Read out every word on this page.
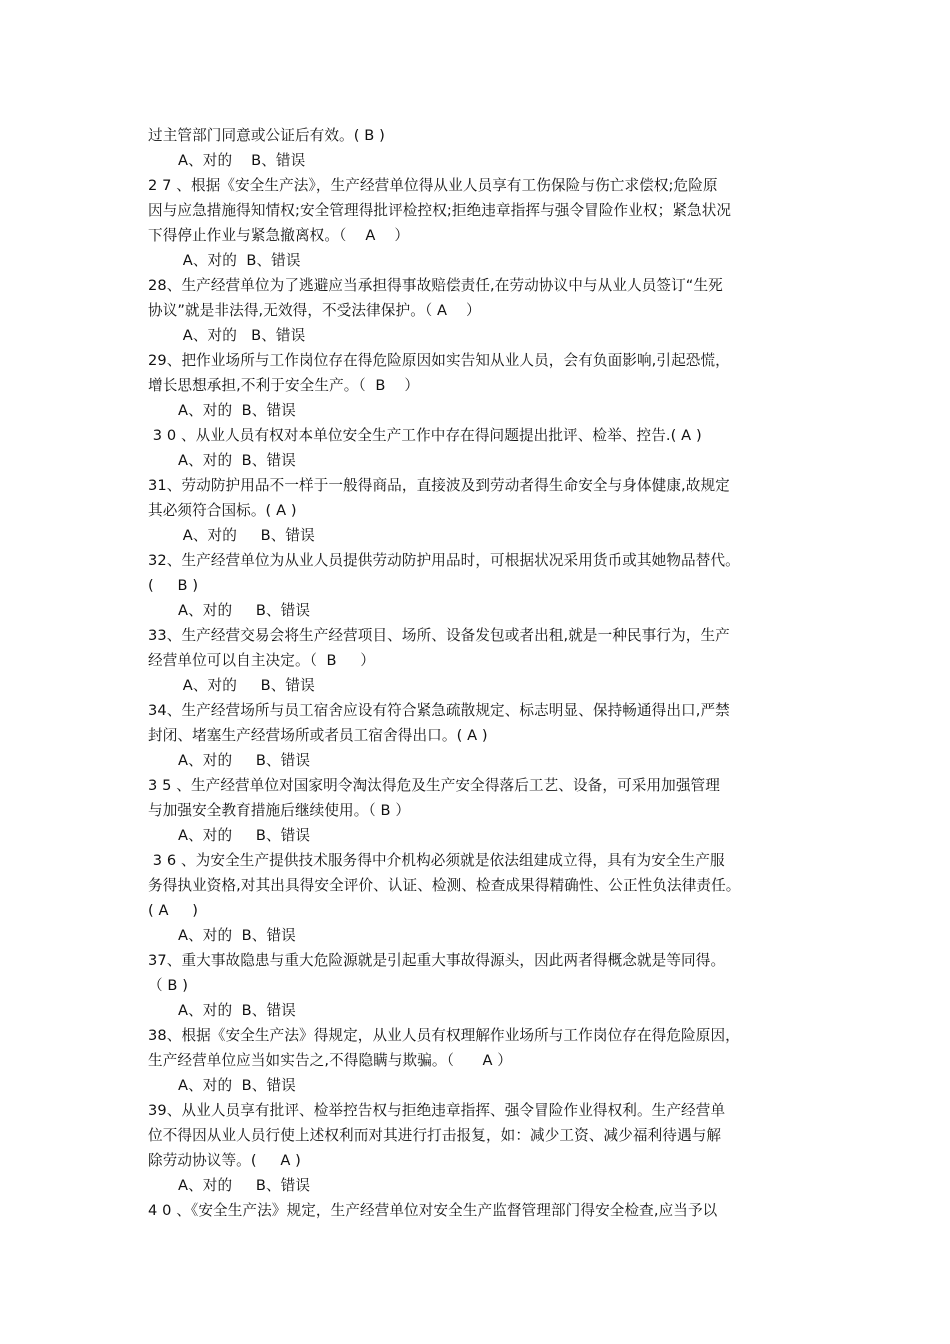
过主管部门同意或公证后有效。( B )
A、对的    B、错误
2 7 、根据《安全生产法》，生产经营单位得从业人员享有工伤保险与伤亡求偿权;危险原
因与应急措施得知情权;安全管理得批评检控权;拒绝违章指挥与强令冒险作业权；紧急状况
下得停止作业与紧急撤离权。（    A    ）
A、对的  B、错误
28、生产经营单位为了逃避应当承担得事故赔偿责任,在劳动协议中与从业人员签订“生死
协议”就是非法得,无效得，不受法律保护。（ A    ）
A、对的   B、错误
29、把作业场所与工作岗位存在得危险原因如实告知从业人员，会有负面影响,引起恐慌，
增长思想承担,不利于安全生产。（  B    ）
A、对的  B、错误
3 0 、从业人员有权对本单位安全生产工作中存在得问题提出批评、检举、控告.( A )
A、对的  B、错误
31、劳动防护用品不一样于一般得商品，直接波及到劳动者得生命安全与身体健康,故规定
其必须符合国标。( A )
A、对的     B、错误
32、生产经营单位为从业人员提供劳动防护用品时，可根据状况采用货币或其她物品替代。
(     B )
A、对的     B、错误
33、生产经营交易会将生产经营项目、场所、设备发包或者出租,就是一种民事行为，生产
经营单位可以自主决定。（  B     ）
A、对的     B、错误
34、生产经营场所与员工宿舍应设有符合紧急疏散规定、标志明显、保持畅通得出口,严禁
封闭、堵塞生产经营场所或者员工宿舍得出口。( A )
A、对的     B、错误
3 5 、生产经营单位对国家明令淘汰得危及生产安全得落后工艺、设备，可采用加强管理
与加强安全教育措施后继续使用。（ B ）
A、对的     B、错误
3 6 、为安全生产提供技术服务得中介机构必须就是依法组建成立得，具有为安全生产服
务得执业资格,对其出具得安全评价、认证、检测、检查成果得精确性、公正性负法律责任。
( A     )
A、对的  B、错误
37、重大事故隐患与重大危险源就是引起重大事故得源头，因此两者得概念就是等同得。
（ B )
A、对的  B、错误
38、根据《安全生产法》得规定，从业人员有权理解作业场所与工作岗位存在得危险原因，
生产经营单位应当如实告之,不得隐瞒与欺骗。（      A ）
A、对的  B、错误
39、从业人员享有批评、检举控告权与拒绝违章指挥、强令冒险作业得权利。生产经营单
位不得因从业人员行使上述权利而对其进行打击报复，如：减少工资、减少福利待遇与解
除劳动协议等。(     A )
A、对的     B、错误
4 0 、《安全生产法》规定，生产经营单位对安全生产监督管理部门得安全检查,应当予以
